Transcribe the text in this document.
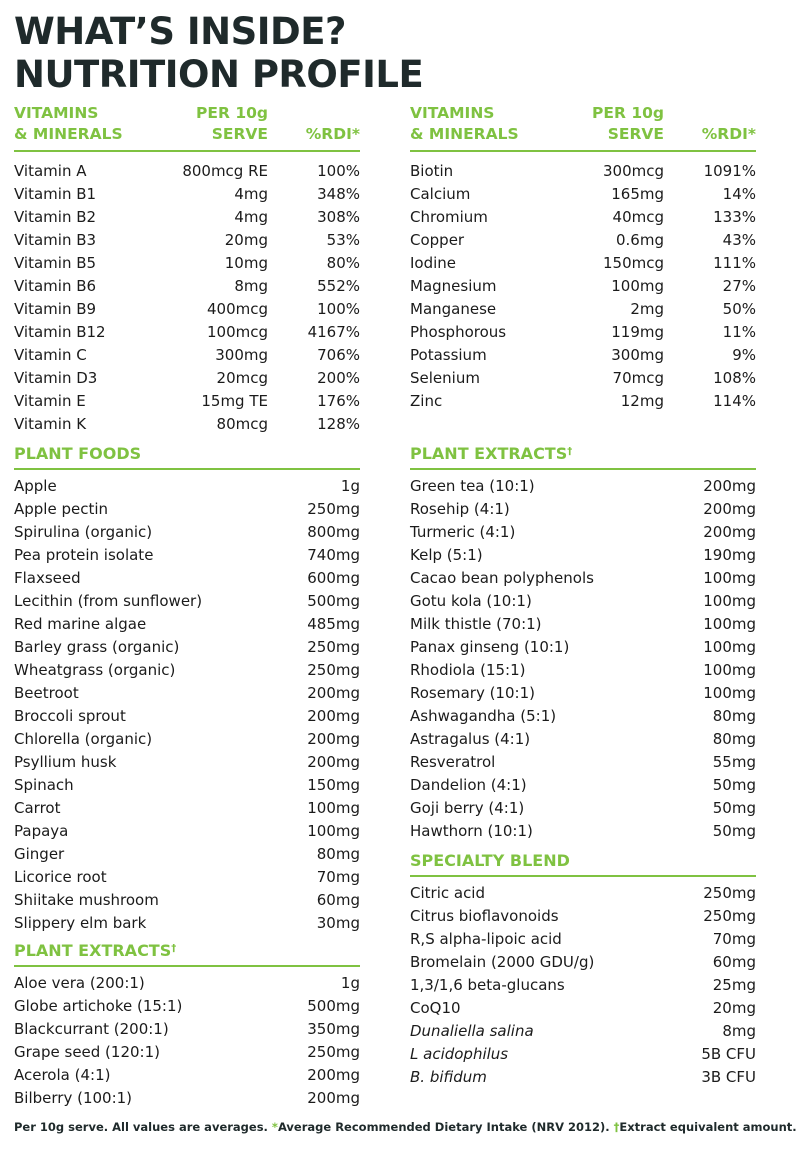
WHAT’S INSIDE?
NUTRITION PROFILE
VITAMINS
& MINERALS
PER 10g
SERVE	%RDI*
Vitamin A	800mcg RE	100%
Vitamin B1	4mg	348%
Vitamin B2	4mg	308%
Vitamin B3	20mg	53%
Vitamin B5	10mg	80%
Vitamin B6	8mg	552%
Vitamin B9	400mcg	100%
Vitamin B12	100mcg	4167%
Vitamin C	300mg	706%
Vitamin D3	20mcg	200%
Vitamin E	15mg TE	176%
Vitamin K	80mcg	128%
PLANT FOODS
Apple	1g
Apple pectin	250mg
Spirulina (organic)	800mg
Pea protein isolate	740mg
Flaxseed	600mg
Lecithin (from sunflower)	500mg
Red marine algae	485mg
Barley grass (organic)	250mg
Wheatgrass (organic)	250mg
Beetroot	200mg
Broccoli sprout	200mg
Chlorella (organic)	200mg
Psyllium husk	200mg
Spinach	150mg
Carrot	100mg
Papaya	100mg
Ginger	80mg
Licorice root	70mg
Shiitake mushroom	60mg
Slippery elm bark	30mg
PLANT EXTRACTS†
Aloe vera (200:1)	1g
Globe artichoke (15:1)	500mg
Blackcurrant (200:1)	350mg
Grape seed (120:1)	250mg
Acerola (4:1)	200mg
Bilberry (100:1)	200mg
VITAMINS
& MINERALS
PER 10g
SERVE	%RDI*
Biotin	300mcg	1091%
Calcium	165mg	14%
Chromium	40mcg	133%
Copper	0.6mg	43%
Iodine	150mcg	111%
Magnesium	100mg	27%
Manganese	2mg	50%
Phosphorous	119mg	11%
Potassium	300mg	9%
Selenium	70mcg	108%
Zinc	12mg	114%
PLANT EXTRACTS†
Green tea (10:1)	200mg
Rosehip (4:1)	200mg
Turmeric (4:1)	200mg
Kelp (5:1)	190mg
Cacao bean polyphenols	100mg
Gotu kola (10:1)	100mg
Milk thistle (70:1)	100mg
Panax ginseng (10:1)	100mg
Rhodiola (15:1)	100mg
Rosemary (10:1)	100mg
Ashwagandha (5:1)	80mg
Astragalus (4:1)	80mg
Resveratrol	55mg
Dandelion (4:1)	50mg
Goji berry (4:1)	50mg
Hawthorn (10:1)	50mg
SPECIALTY BLEND
Citric acid	250mg
Citrus bioflavonoids	250mg
R,S alpha-lipoic acid	70mg
Bromelain (2000 GDU/g)	60mg
1,3/1,6 beta-glucans	25mg
CoQ10	20mg
Dunaliella salina	8mg
L acidophilus	5B CFU
B. bifidum	3B CFU
Per 10g serve. All values are averages. *Average Recommended Dietary Intake (NRV 2012). †Extract equivalent amount.
